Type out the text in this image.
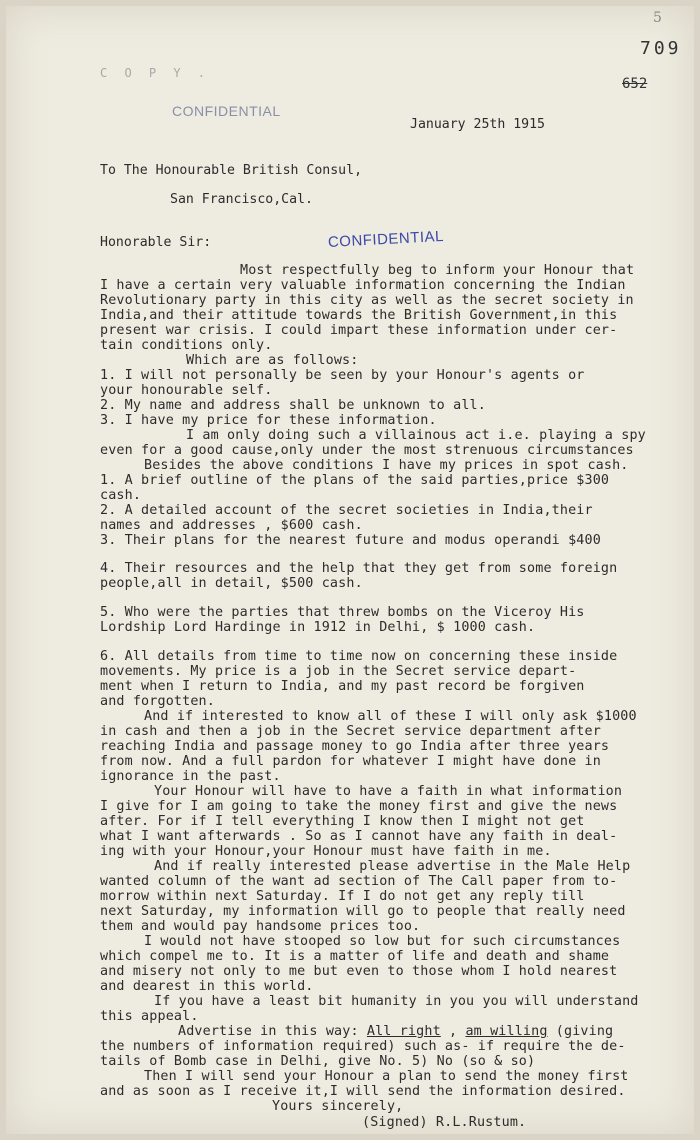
5
709
652
C O P Y .
CONFIDENTIAL
January 25th 1915
To The Honourable British Consul,
San Francisco,Cal.
Honorable Sir:	CONFIDENTIAL
Most respectfully beg to inform your Honour that
I have a certain very valuable information concerning the Indian
Revolutionary party in this city as well as the secret society in
India,and their attitude towards the British Government,in this
present war crisis. I could impart these information under cer-
tain conditions only.
Which are as follows:
1. I will not personally be seen by your Honour's agents or
your honourable self.
2. My name and address shall be unknown to all.
3. I have my price for these information.
I am only doing such a villainous act i.e. playing a spy
even for a good cause,only under the most strenuous circumstances
Besides the above conditions I have my prices in spot cash.
1. A brief outline of the plans of the said parties,price $300
cash.
2. A detailed account of the secret societies in India,their
names and addresses , $600 cash.
3. Their plans for the nearest future and modus operandi $400
4. Their resources and the help that they get from some foreign
people,all in detail, $500 cash.
5. Who were the parties that threw bombs on the Viceroy His
Lordship Lord Hardinge in 1912 in Delhi, $ 1000 cash.
6. All details from time to time now on concerning these inside
movements. My price is a job in the Secret service depart-
ment when I return to India, and my past record be forgiven
and forgotten.
And if interested to know all of these I will only ask $1000
in cash and then a job in the Secret service department after
reaching India and passage money to go India after three years
from now. And a full pardon for whatever I might have done in
ignorance in the past.
Your Honour will have to have a faith in what information
I give for I am going to take the money first and give the news
after. For if I tell everything I know then I might not get
what I want afterwards . So as I cannot have any faith in deal-
ing with your Honour,your Honour must have faith in me.
And if really interested please advertise in the Male Help
wanted column of the want ad section of The Call paper from to-
morrow within next Saturday. If I do not get any reply till
next Saturday, my information will go to people that really need
them and would pay handsome prices too.
I would not have stooped so low but for such circumstances
which compel me to. It is a matter of life and death and shame
and misery not only to me but even to those whom I hold nearest
and dearest in this world.
If you have a least bit humanity in you you will understand
this appeal.
Advertise in this way: All right , am willing (giving
the numbers of information required) such as- if require the de-
tails of Bomb case in Delhi, give No. 5) No (so & so)
Then I will send your Honour a plan to send the money first
and as soon as I receive it,I will send the information desired.
Yours sincerely,
(Signed) R.L.Rustum.
